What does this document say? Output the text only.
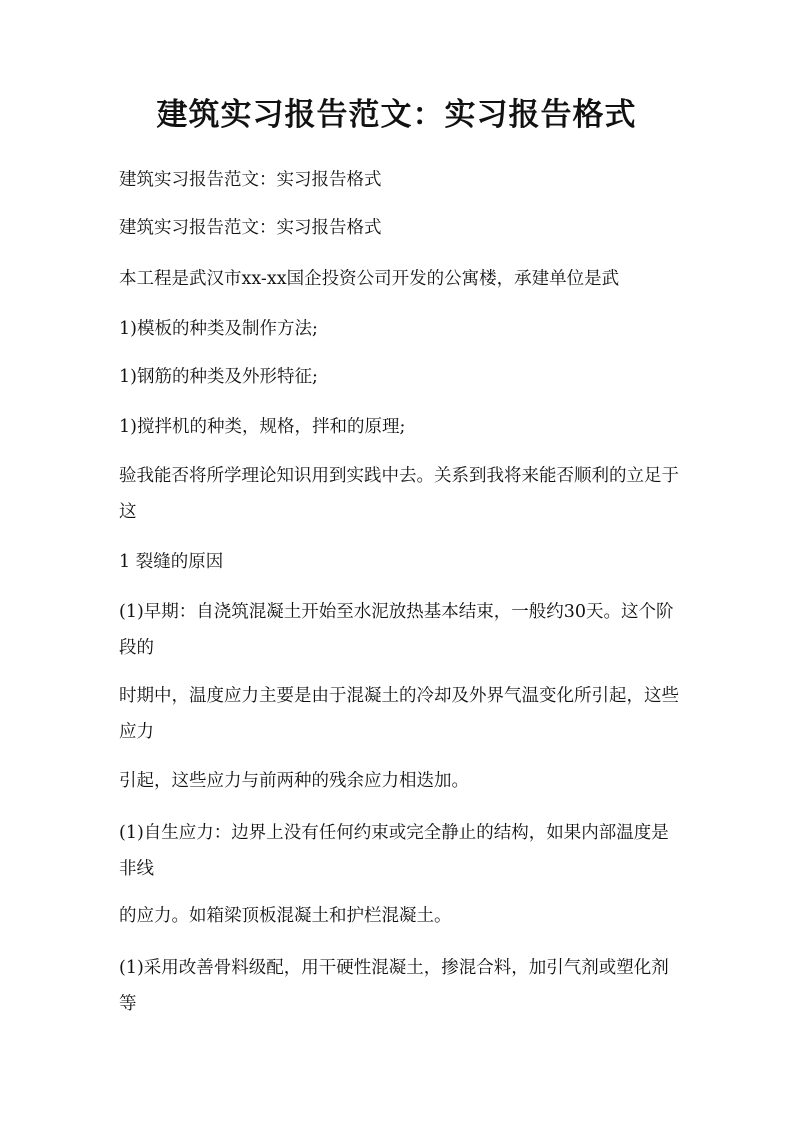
建筑实习报告范文：实习报告格式

建筑实习报告范文：实习报告格式

建筑实习报告范文：实习报告格式

本工程是武汉市xx-xx国企投资公司开发的公寓楼，承建单位是武

1)模板的种类及制作方法;

1)钢筋的种类及外形特征;

1)搅拌机的种类，规格，拌和的原理;

验我能否将所学理论知识用到实践中去。关系到我将来能否顺利的立足于这

1 裂缝的原因

(1)早期：自浇筑混凝土开始至水泥放热基本结束，一般约30天。这个阶段的

时期中，温度应力主要是由于混凝土的冷却及外界气温变化所引起，这些应力

引起，这些应力与前两种的残余应力相迭加。

(1)自生应力：边界上没有任何约束或完全静止的结构，如果内部温度是非线

的应力。如箱梁顶板混凝土和护栏混凝土。

(1)采用改善骨料级配，用干硬性混凝土，掺混合料，加引气剂或塑化剂等
